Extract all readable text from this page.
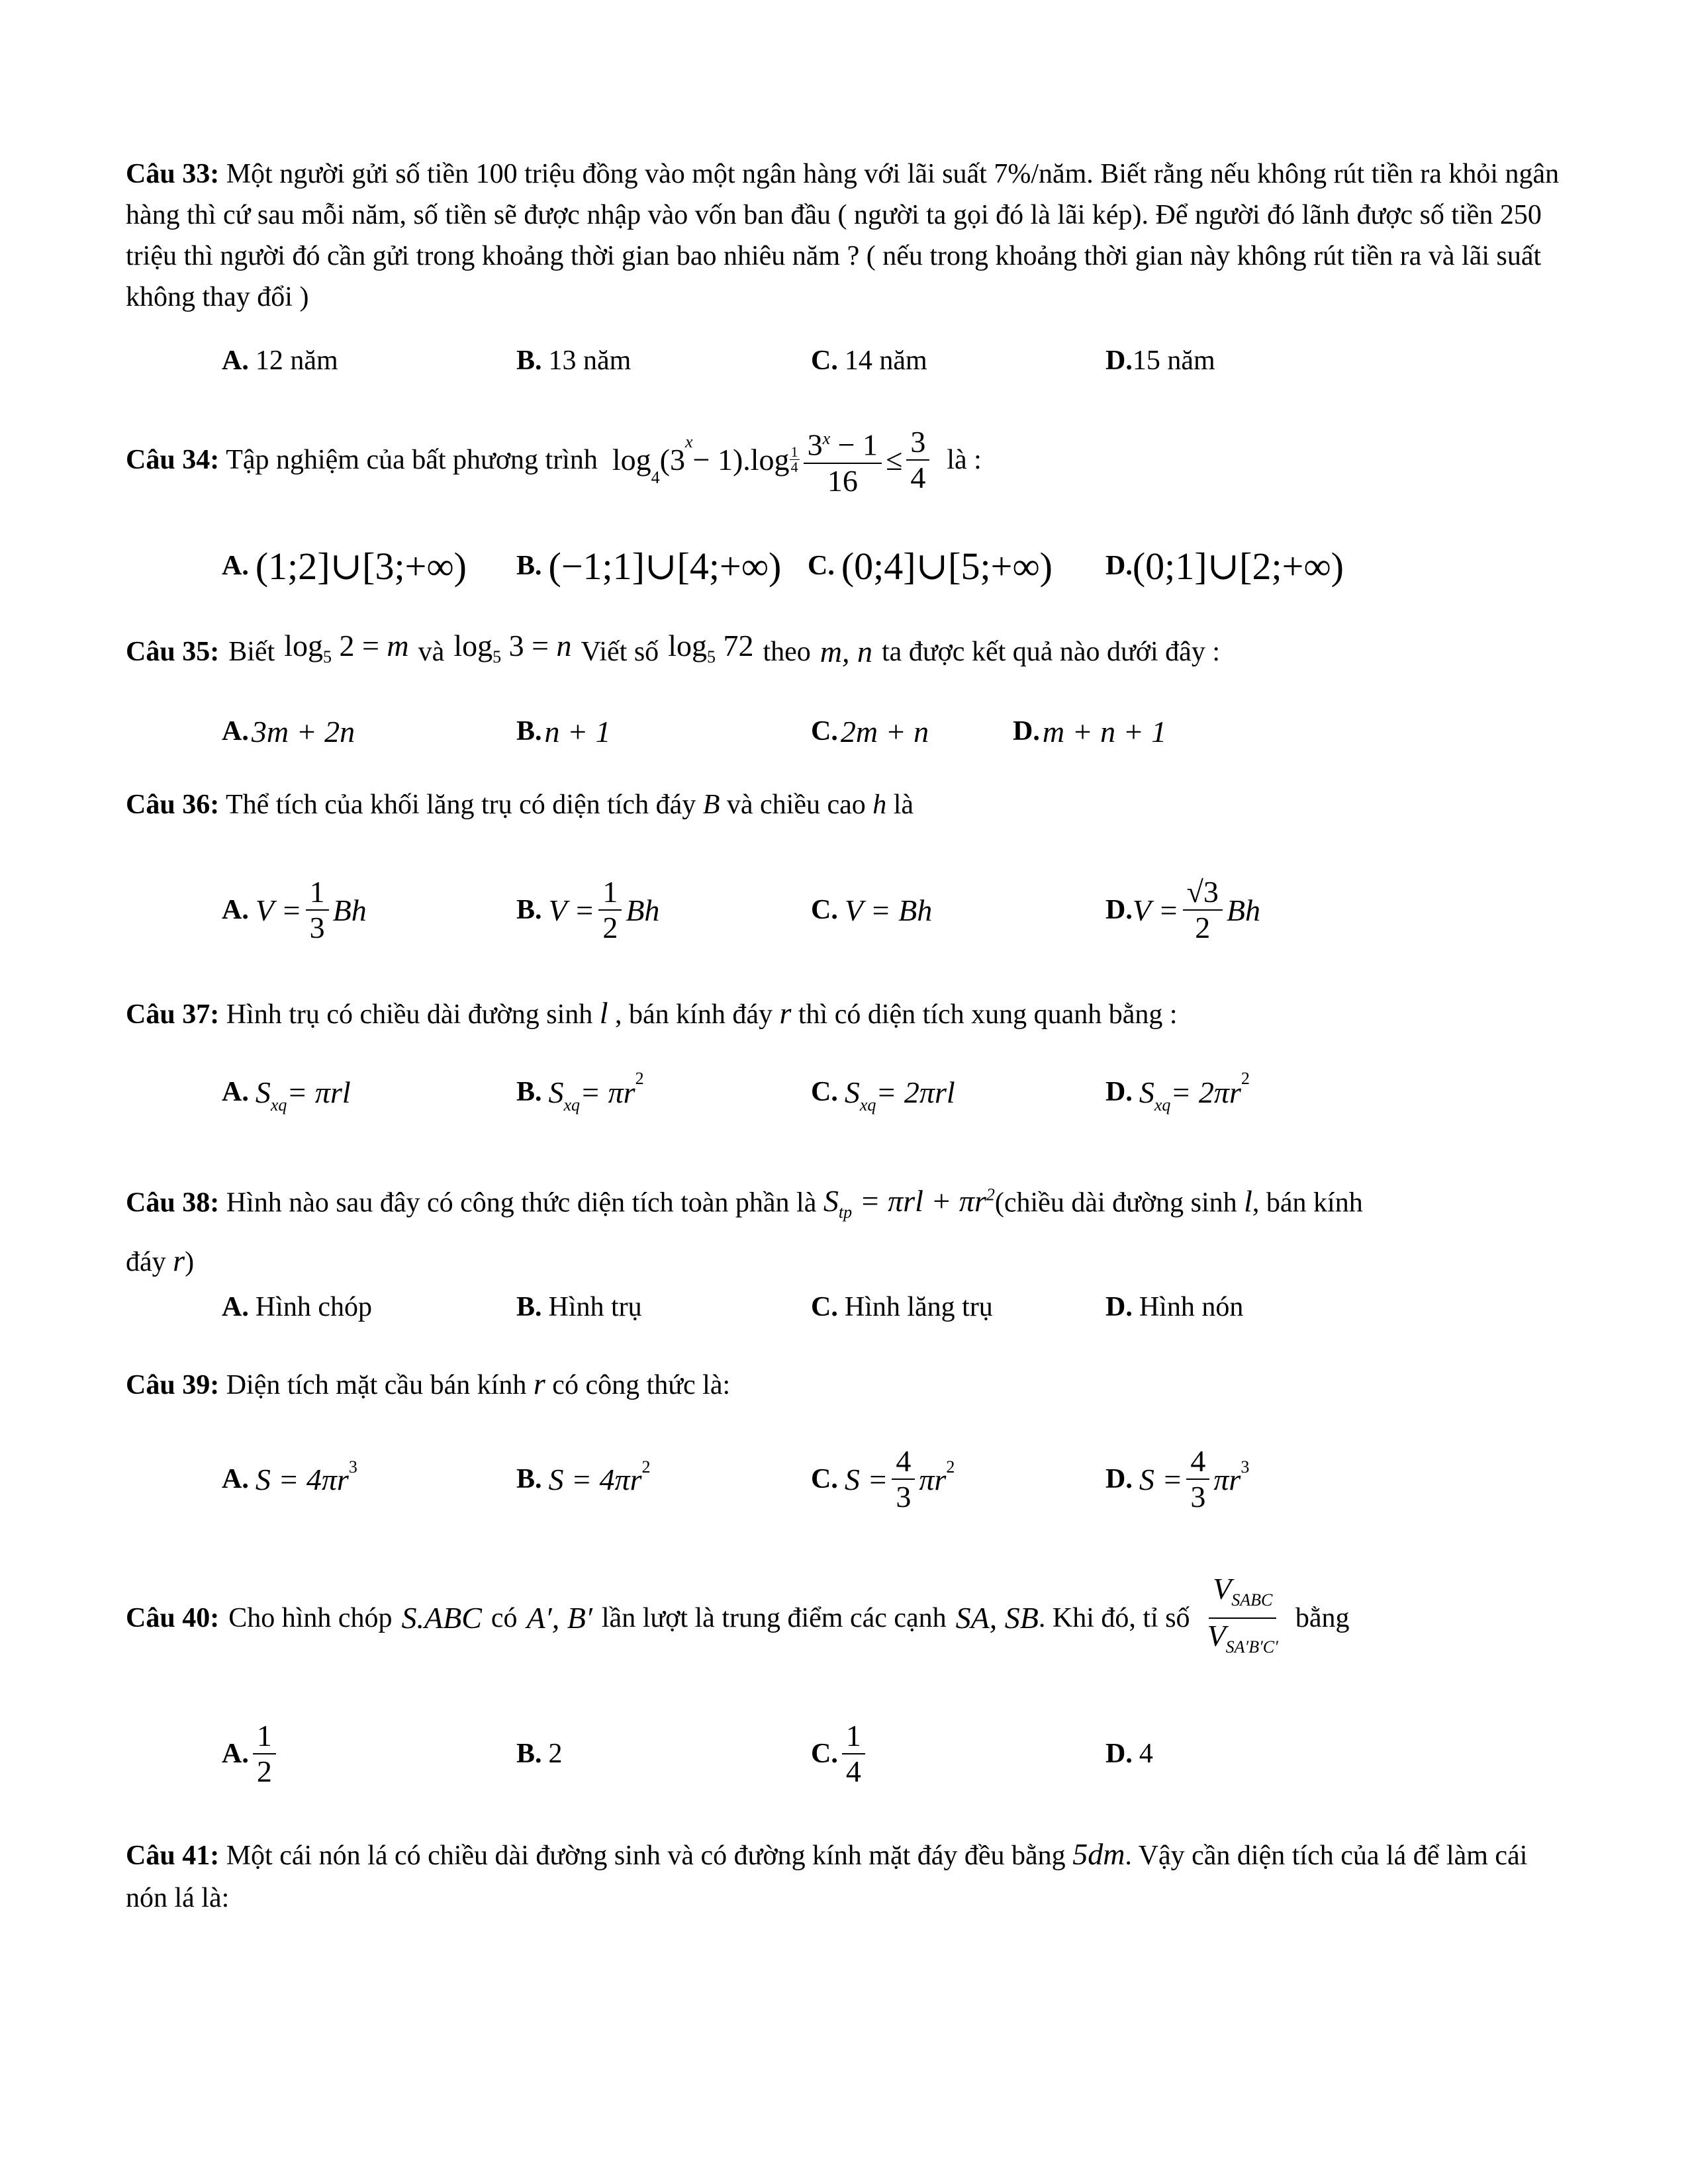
Câu 33: Một người gửi số tiền 100 triệu đồng vào một ngân hàng với lãi suất 7%/năm. Biết rằng nếu không rút tiền ra khỏi ngân hàng thì cứ sau mỗi năm, số tiền sẽ được nhập vào vốn ban đầu ( người ta gọi đó là lãi kép). Để người đó lãnh được số tiền 250 triệu thì người đó cần gửi trong khoảng thời gian bao nhiêu năm ? ( nếu trong khoảng thời gian này không rút tiền ra và lãi suất không thay đổi )
A. 12 năm	B. 13 năm	C. 14 năm	D. 15 năm
Câu 34: Tập nghiệm của bất phương trình log
$_4$
(3
$^x$
− 1).log 1
$4 \frac{3^x - 1}{16} \le \frac{3}{4}$ là :
A. (1;2]∪[3;+∞) B. (−1;1]∪[4;+∞) C. (0;4]∪[5;+∞) D. (0;1]∪[2;+∞)
Câu 35: Biết $\log_5 2 = m$ và $\log_5 3 = n$ Viết số $\log_5 72$ theo m, n ta được kết quả nào dưới đây :
A. 3m + 2n	B. n + 1	C. 2m + n	D. m + n + 1
Câu 36: Thể tích của khối lăng trụ có diện tích đáy B và chiều cao h là
A. $V = \frac{1}{3}$ Bh	B. $V = \frac{1}{2}$ Bh	C. V = Bh	D. $V = \frac{√3}{2}$ Bh
Câu 37: Hình trụ có chiều dài đường sinh l , bán kính đáy r thì có diện tích xung quanh bằng :
A. $S_{xq} = \pi rl$	B. $S_{xq} = \pi r^2$	C. $S_{xq} = 2\pi rl$	D. $S_{xq} = 2\pi r^2$
Câu 38: Hình nào sau đây có công thức diện tích toàn phần là $S_{tp} = \pi rl$ + $\pi r^2(chiều$ dài đường sinh l, bán kính
đáy r)
A. Hình chóp	B. Hình trụ	C. Hình lăng trụ	D. Hình nón
Câu 39: Diện tích mặt cầu bán kính r có công thức là:
A. $S = 4\pi r^3$	B. $S = 4\pi r^2$	C. $S = \frac{4}{3} \pi r^2$	D. $S = \frac{4}{3} \pi r^3$
Câu 40: Cho hình chóp S.ABC có A′, B′ lần lượt là trung điểm các cạnh SA, SB . Khi đó, tỉ số $\frac{V_{SABC}}{V_{SA'B'C'}}$ bằng
A. $\frac{1}{2}$	B. 2	C. $\frac{1}{4}$	D. 4
Câu 41: Một cái nón lá có chiều dài đường sinh và có đường kính mặt đáy đều bằng 5dm. Vậy cần diện tích của lá để làm cái nón lá là:
